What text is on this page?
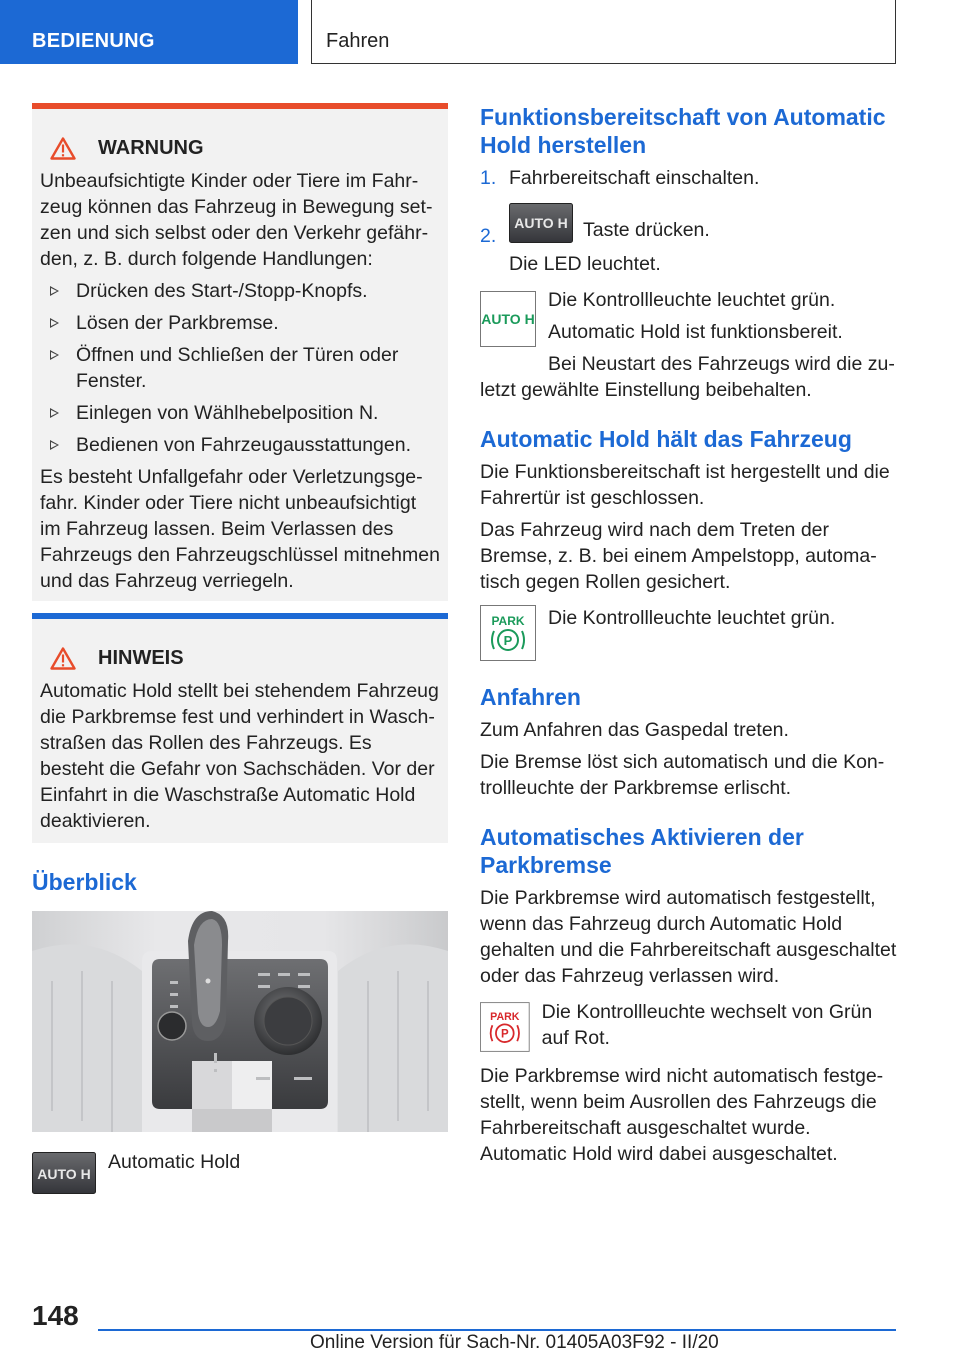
BEDIENUNG	Fahren
WARNUNG

Unbeaufsichtigte Kinder oder Tiere im Fahrzeug können das Fahrzeug in Bewegung setzen und sich selbst oder den Verkehr gefährden, z. B. durch folgende Handlungen:

Drücken des Start-/Stopp-Knopfs.
Lösen der Parkbremse.
Öffnen und Schließen der Türen oder Fenster.
Einlegen von Wählhebelposition N.
Bedienen von Fahrzeugausstattungen.

Es besteht Unfallgefahr oder Verletzungsgefahr. Kinder oder Tiere nicht unbeaufsichtigt im Fahrzeug lassen. Beim Verlassen des Fahrzeugs den Fahrzeugschlüssel mitnehmen und das Fahrzeug verriegeln.

HINWEIS

Automatic Hold stellt bei stehendem Fahrzeug die Parkbremse fest und verhindert in Waschstraßen das Rollen des Fahrzeugs. Es besteht die Gefahr von Sachschäden. Vor der Einfahrt in die Waschstraße Automatic Hold deaktivieren.

Überblick
AUTO H
Automatic Hold
Funktionsbereitschaft von Automatic Hold herstellen
1. Fahrbereitschaft einschalten.
2.
AUTO H Taste drücken.

Die LED leuchtet.

AUTO H

Die Kontrollleuchte leuchtet grün.

Automatic Hold ist funktionsbereit.

Bei Neustart des Fahrzeugs wird die zuletzt gewählte Einstellung beibehalten.

Automatic Hold hält das Fahrzeug

Die Funktionsbereitschaft ist hergestellt und die Fahrertür ist geschlossen.

Das Fahrzeug wird nach dem Treten der Bremse, z. B. bei einem Ampelstopp, automatisch gegen Rollen gesichert.

PARK
P

Die Kontrollleuchte leuchtet grün.

Anfahren

Zum Anfahren das Gaspedal treten.

Die Bremse löst sich automatisch und die Kontrollleuchte der Parkbremse erlischt.

Automatisches Aktivieren der Parkbremse

Die Parkbremse wird automatisch festgestellt, wenn das Fahrzeug durch Automatic Hold gehalten und die Fahrbereitschaft ausgeschaltet oder das Fahrzeug verlassen wird.

PARK
P

Die Kontrollleuchte wechselt von Grün auf Rot.

Die Parkbremse wird nicht automatisch festgestellt, wenn beim Ausrollen des Fahrzeugs die Fahrbereitschaft ausgeschaltet wurde. Automatic Hold wird dabei ausgeschaltet.

148
Online Version für Sach-Nr. 01405A03F92 - II/20
